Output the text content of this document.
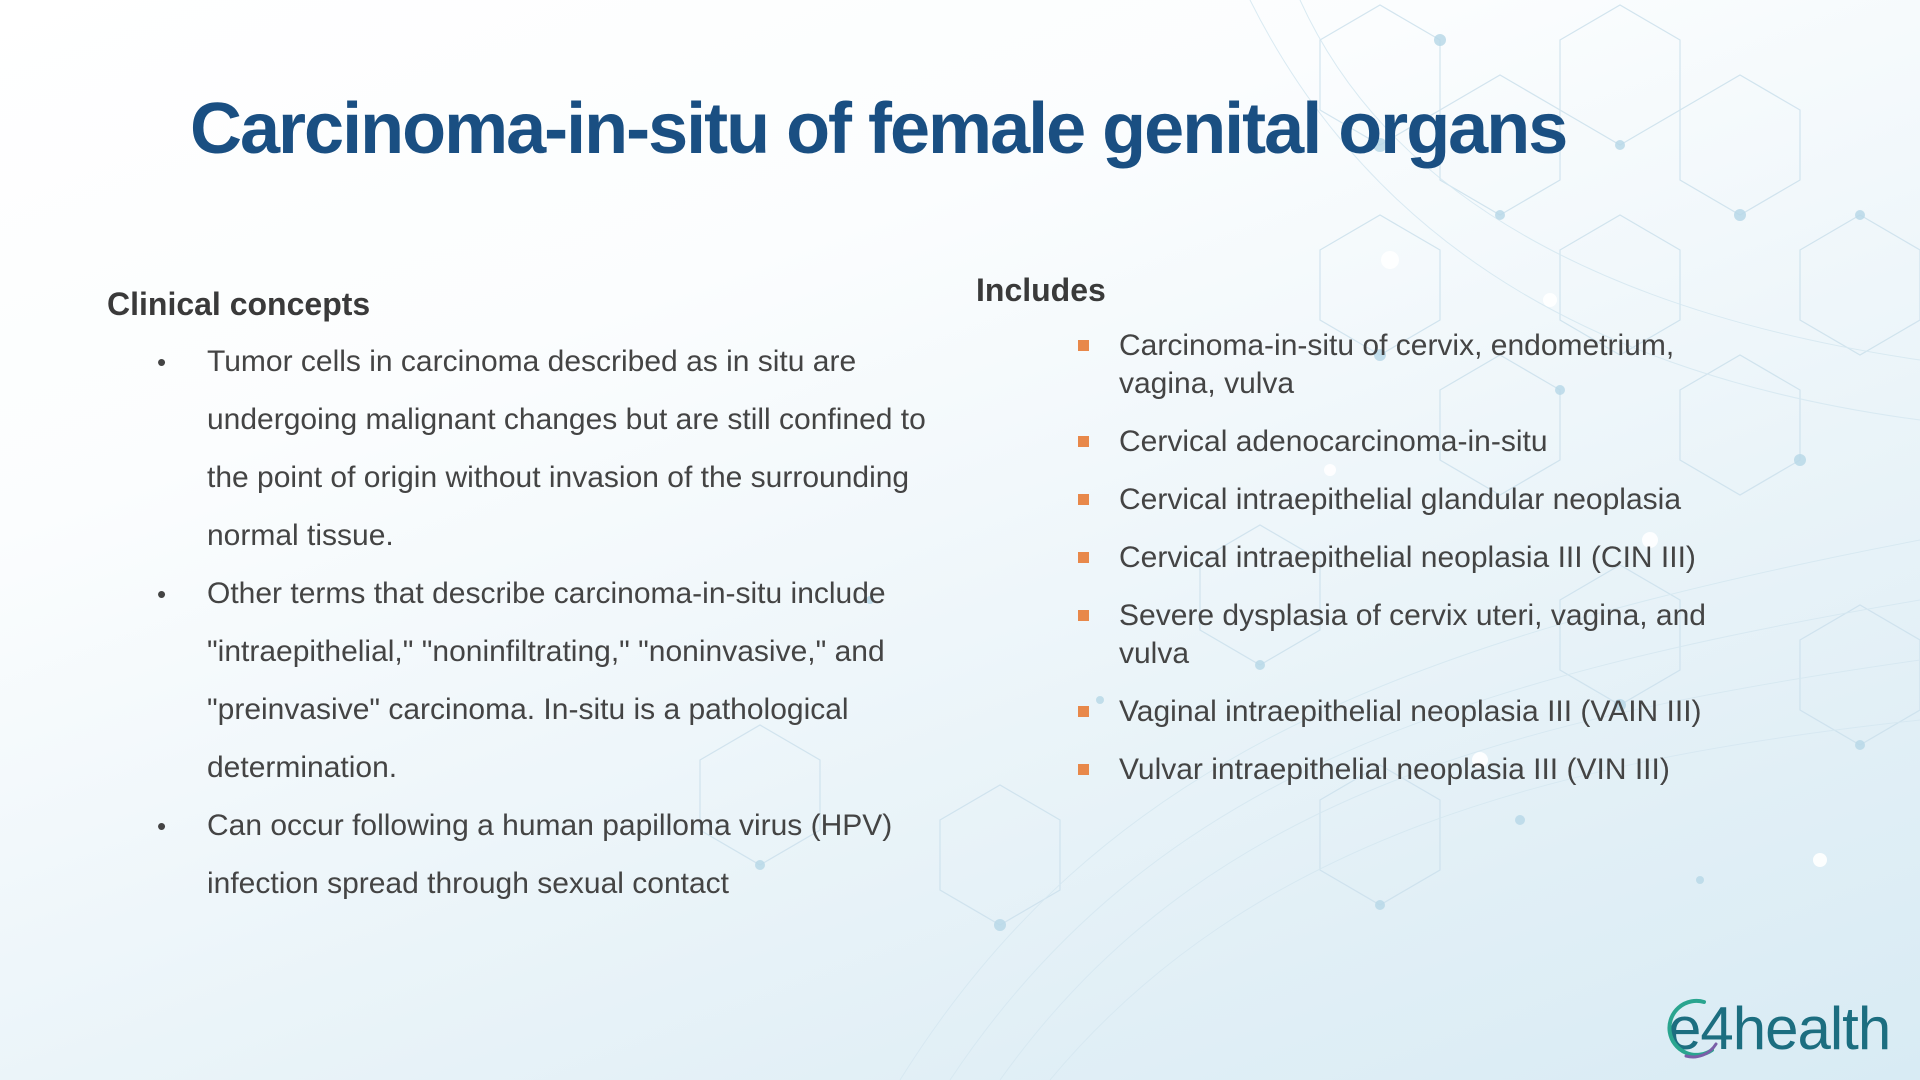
Carcinoma-in-situ of female genital organs
Clinical concepts
• Tumor cells in carcinoma described as in situ are undergoing malignant changes but are still confined to the point of origin without invasion of the surrounding normal tissue.
• Other terms that describe carcinoma-in-situ include "intraepithelial," "noninfiltrating," "noninvasive," and "preinvasive" carcinoma. In-situ is a pathological determination.
• Can occur following a human papilloma virus (HPV) infection spread through sexual contact
Includes
Carcinoma-in-situ of cervix, endometrium, vagina, vulva
Cervical adenocarcinoma-in-situ
Cervical intraepithelial glandular neoplasia
Cervical intraepithelial neoplasia III (CIN III)
Severe dysplasia of cervix uteri, vagina, and vulva
Vaginal intraepithelial neoplasia III (VAIN III)
Vulvar intraepithelial neoplasia III (VIN III)
e4health
